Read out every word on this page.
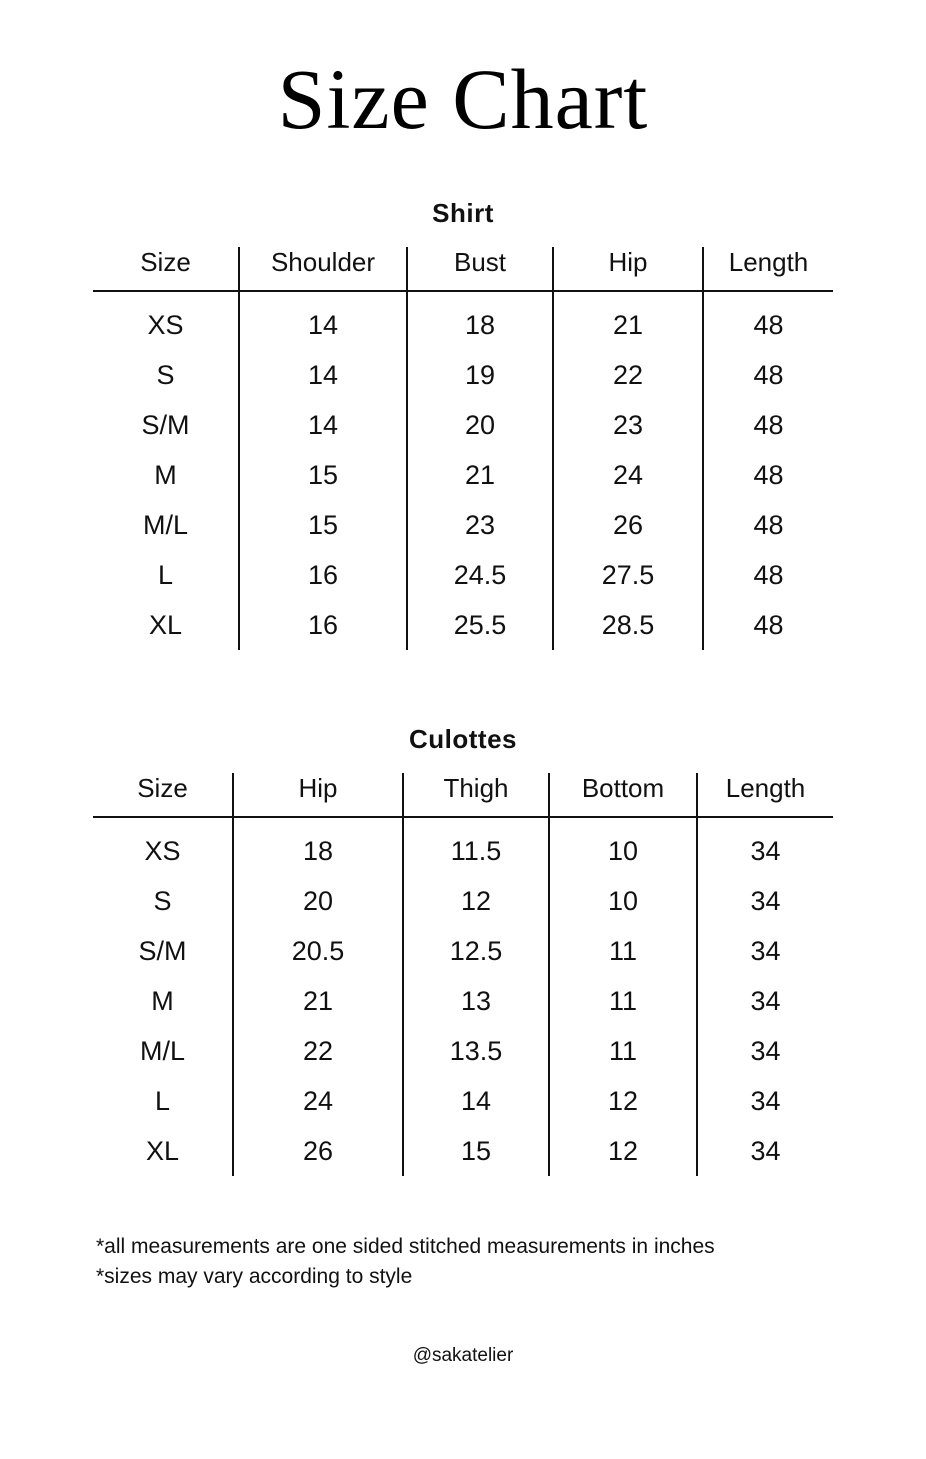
Size Chart
Shirt
Size	Shoulder	Bust	Hip	Length
XS	14	18	21	48
S	14	19	22	48
S/M	14	20	23	48
M	15	21	24	48
M/L	15	23	26	48
L	16	24.5	27.5	48
XL	16	25.5	28.5	48
Culottes
Size	Hip	Thigh	Bottom	Length
XS	18	11.5	10	34
S	20	12	10	34
S/M	20.5	12.5	11	34
M	21	13	11	34
M/L	22	13.5	11	34
L	24	14	12	34
XL	26	15	12	34
*all measurements are one sided stitched measurements in inches
*sizes may vary according to style
@sakatelier
